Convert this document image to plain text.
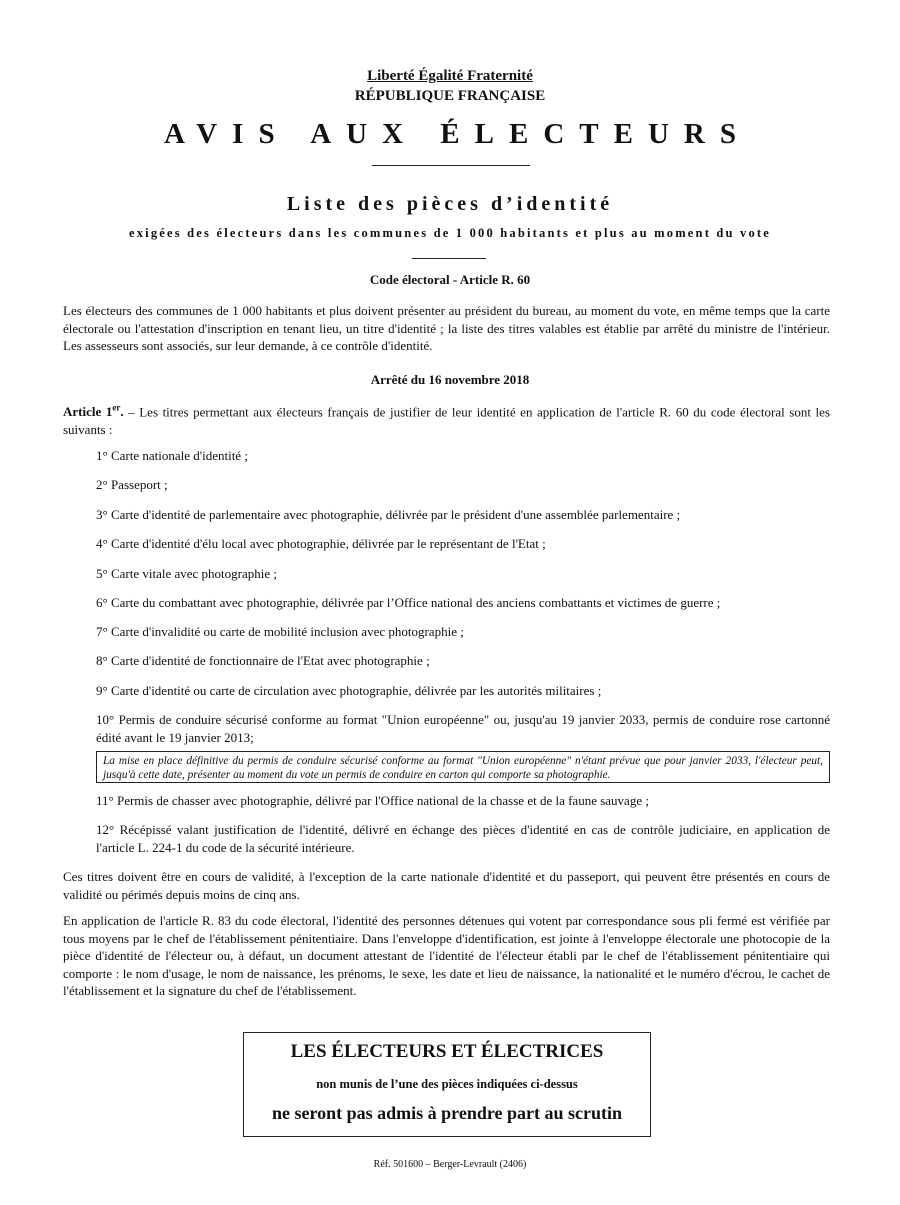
Liberté Égalité Fraternité
RÉPUBLIQUE FRANÇAISE
AVIS AUX ÉLECTEURS
Liste des pièces d’identité
exigées des électeurs dans les communes de 1 000 habitants et plus au moment du vote
Code électoral - Article R. 60
Les électeurs des communes de 1 000 habitants et plus doivent présenter au président du bureau, au moment du vote, en même temps que la carte électorale ou l'attestation d'inscription en tenant lieu, un titre d'identité ; la liste des titres valables est établie par arrêté du ministre de l'intérieur. Les assesseurs sont associés, sur leur demande, à ce contrôle d'identité.
Arrêté du 16 novembre 2018
Article 1er. – Les titres permettant aux électeurs français de justifier de leur identité en application de l'article R. 60 du code électoral sont les suivants :
1° Carte nationale d'identité ;
2° Passeport ;
3° Carte d'identité de parlementaire avec photographie, délivrée par le président d'une assemblée parlementaire ;
4° Carte d'identité d'élu local avec photographie, délivrée par le représentant de l'Etat ;
5° Carte vitale avec photographie ;
6° Carte du combattant avec photographie, délivrée par l’Office national des anciens combattants et victimes de guerre ;
7° Carte d'invalidité ou carte de mobilité inclusion avec photographie ;
8° Carte d'identité de fonctionnaire de l'Etat avec photographie ;
9° Carte d'identité ou carte de circulation avec photographie, délivrée par les autorités militaires ;
10° Permis de conduire sécurisé conforme au format "Union européenne" ou, jusqu'au 19 janvier 2033, permis de conduire rose cartonné édité avant le 19 janvier 2013;
La mise en place définitive du permis de conduire sécurisé conforme au format "Union européenne" n'étant prévue que pour janvier 2033, l'électeur peut, jusqu'à cette date, présenter au moment du vote un permis de conduire en carton qui comporte sa photographie.
11° Permis de chasser avec photographie, délivré par l'Office national de la chasse et de la faune sauvage ;
12° Récépissé valant justification de l'identité, délivré en échange des pièces d'identité en cas de contrôle judiciaire, en application de l'article L. 224-1 du code de la sécurité intérieure.
Ces titres doivent être en cours de validité, à l'exception de la carte nationale d'identité et du passeport, qui peuvent être présentés en cours de validité ou périmés depuis moins de cinq ans.
En application de l'article R. 83 du code électoral, l'identité des personnes détenues qui votent par correspondance sous pli fermé est vérifiée par tous moyens par le chef de l'établissement pénitentiaire. Dans l'enveloppe d'identification, est jointe à l'enveloppe électorale une photocopie de la pièce d'identité de l'électeur ou, à défaut, un document attestant de l'identité de l'électeur établi par le chef de l'établissement pénitentiaire qui comporte : le nom d'usage, le nom de naissance, les prénoms, le sexe, les date et lieu de naissance, la nationalité et le numéro d'écrou, le cachet de l'établissement et la signature du chef de l'établissement.
LES ÉLECTEURS ET ÉLECTRICES
non munis de l’une des pièces indiquées ci-dessus
ne seront pas admis à prendre part au scrutin
Réf. 501600 – Berger-Levrault (2406)
